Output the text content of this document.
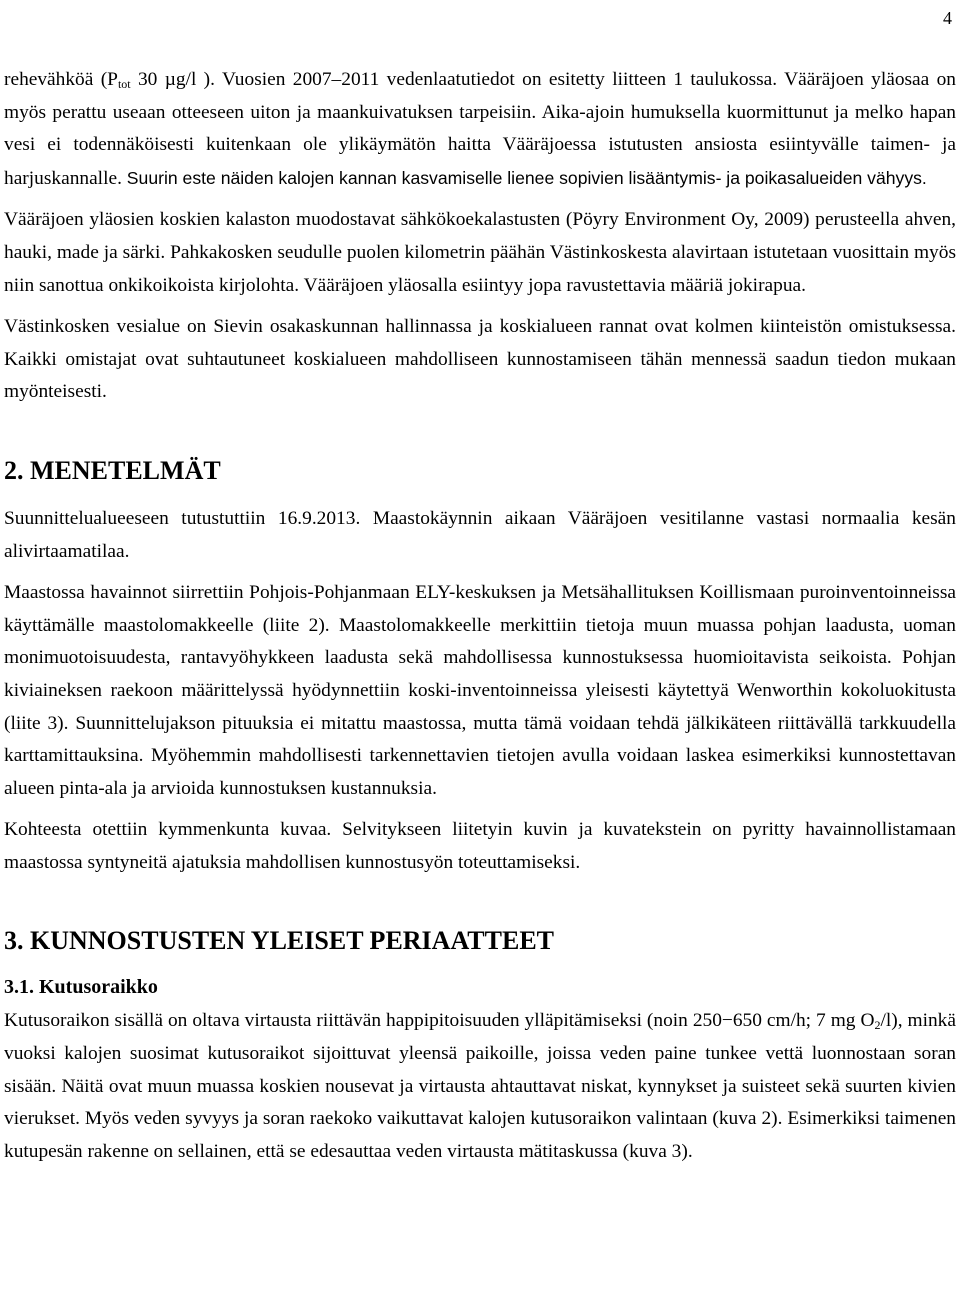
4

rehevähköä ($P_{tot}$ 30 µg/l ). Vuosien 2007–2011 vedenlaatutiedot on esitetty liitteen 1 taulukossa. Vääräjoen yläosaa on myös perattu useaan otteeseen uiton ja maankuivatuksen tarpeisiin. Aika-ajoin humuksella kuormittunut ja melko hapan vesi ei todennäköisesti kuitenkaan ole ylikäymätön haitta Vääräjoessa istutusten ansiosta esiintyvälle taimen- ja harjuskannalle. Suurin este näiden kalojen kannan kasvamiselle lienee sopivien lisääntymis- ja poikasalueiden vähyys.

Vääräjoen yläosien koskien kalaston muodostavat sähkökoekalastusten (Pöyry Environment Oy, 2009) perusteella ahven, hauki, made ja särki. Pahkakosken seudulle puolen kilometrin päähän Västinkoskesta alavirtaan istutetaan vuosittain myös niin sanottua onkikoikoista kirjolohta. Vääräjoen yläosalla esiintyy jopa ravustettavia määriä jokirapua.

Västinkosken vesialue on Sievin osakaskunnan hallinnassa ja koskialueen rannat ovat kolmen kiinteistön omistuksessa. Kaikki omistajat ovat suhtautuneet koskialueen mahdolliseen kunnostamiseen tähän mennessä saadun tiedon mukaan myönteisesti.

2. MENETELMÄT

Suunnittelualueeseen tutustuttiin 16.9.2013. Maastokäynnin aikaan Vääräjoen vesitilanne vastasi normaalia kesän alivirtaamatilaa.

Maastossa havainnot siirrettiin Pohjois-Pohjanmaan ELY-keskuksen ja Metsähallituksen Koillismaan puroinventoinneissa käyttämälle maastolomakkeelle (liite 2). Maastolomakkeelle merkittiin tietoja muun muassa pohjan laadusta, uoman monimuotoisuudesta, rantavyöhykkeen laadusta sekä mahdollisessa kunnostuksessa huomioitavista seikoista. Pohjan kiviaineksen raekoon määrittelyssä hyödynnettiin koski-inventoinneissa yleisesti käytettyä Wenworthin kokoluokitusta (liite 3). Suunnittelujakson pituuksia ei mitattu maastossa, mutta tämä voidaan tehdä jälkikäteen riittävällä tarkkuudella karttamittauksina. Myöhemmin mahdollisesti tarkennettavien tietojen avulla voidaan laskea esimerkiksi kunnostettavan alueen pinta-ala ja arvioida kunnostuksen kustannuksia.

Kohteesta otettiin kymmenkunta kuvaa. Selvitykseen liitetyin kuvin ja kuvatekstein on pyritty havainnollistamaan maastossa syntyneitä ajatuksia mahdollisen kunnostusyön toteuttamiseksi.

3. KUNNOSTUSTEN YLEISET PERIAATTEET
3.1. Kutusoraikko

Kutusoraikon sisällä on oltava virtausta riittävän happipitoisuuden ylläpitämiseksi (noin 250−650 cm/h; 7 mg $O_2/l$), minkä vuoksi kalojen suosimat kutusoraikot sijoittuvat yleensä paikoille, joissa veden paine tunkee vettä luonnostaan soran sisään. Näitä ovat muun muassa koskien nousevat ja virtausta ahtauttavat niskat, kynnykset ja suisteet sekä suurten kivien vierukset. Myös veden syvyys ja soran raekoko vaikuttavat kalojen kutusoraikon valintaan (kuva 2). Esimerkiksi taimenen kutupesän rakenne on sellainen, että se edesauttaa veden virtausta mätitaskussa (kuva 3).
